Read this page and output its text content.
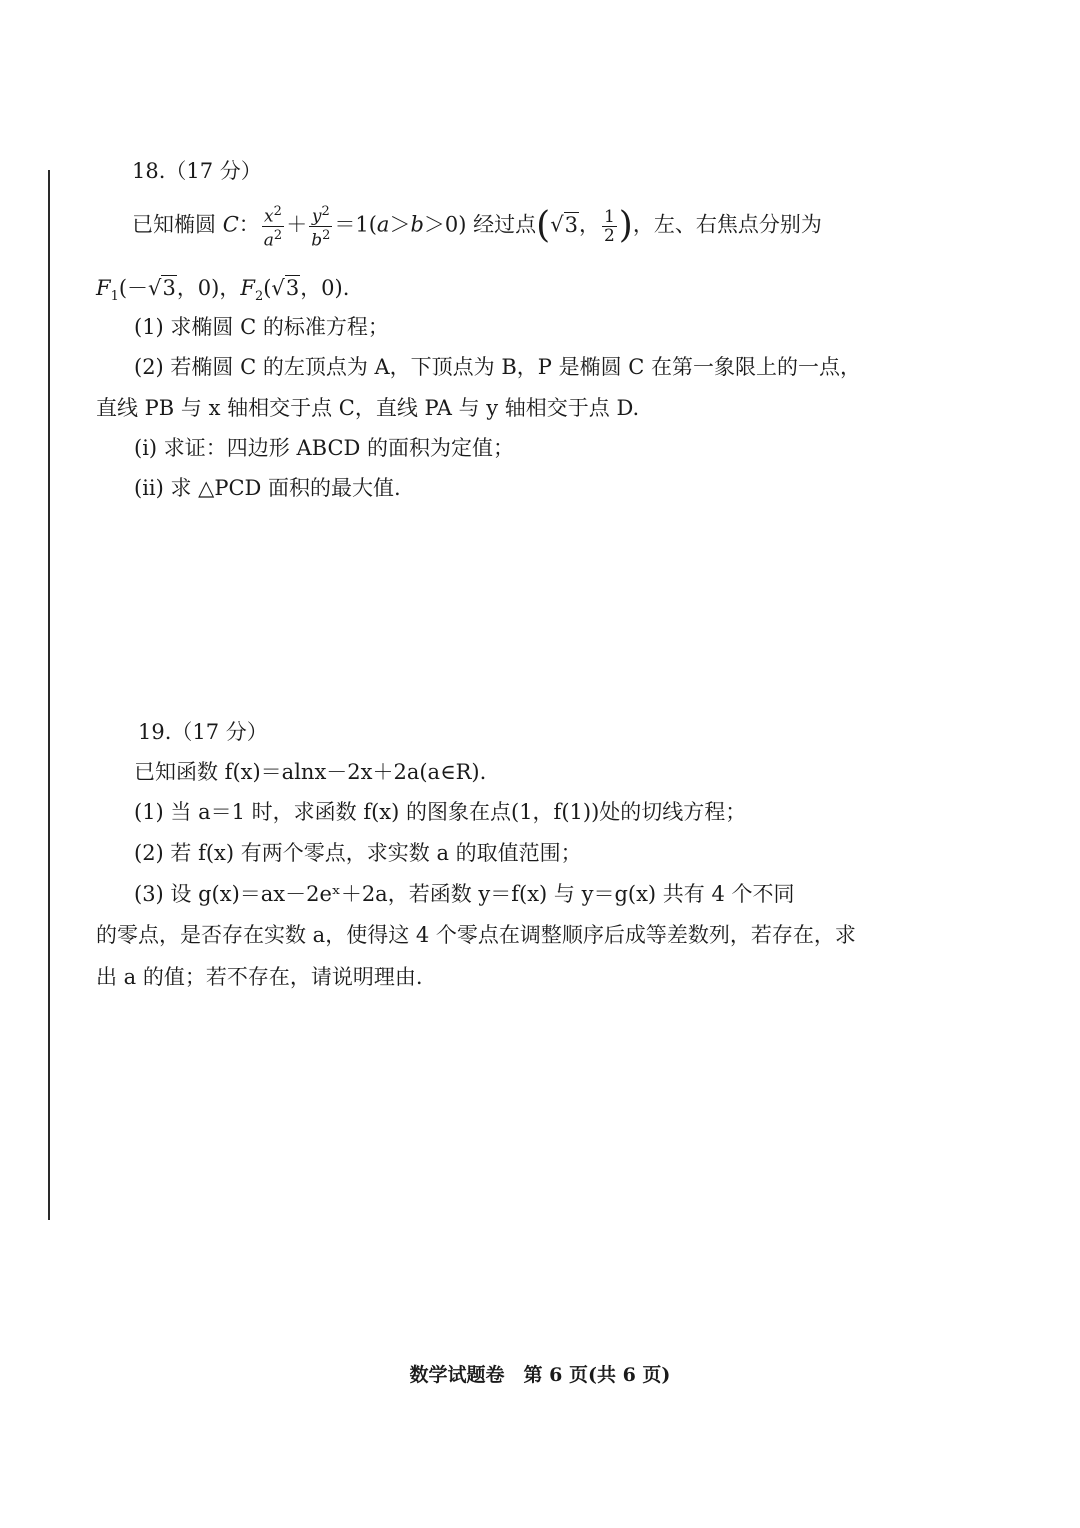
18.（17 分）
已知椭圆 C： $\frac{x^2}{a^2} + \frac{y^2}{b^2} =1(a>b>0)$ 经过点(√3， $\frac{1}{2}$ )，左、右焦点分别为
$F_1(-√3$，0)，$F_2(√3$，0).
(1) 求椭圆 C 的标准方程；
(2) 若椭圆 C 的左顶点为 A，下顶点为 B，P 是椭圆 C 在第一象限上的一点，
直线 PB 与 x 轴相交于点 C，直线 PA 与 y 轴相交于点 D.
(i) 求证：四边形 ABCD 的面积为定值；
(ii) 求 △PCD 面积的最大值.
19.（17 分）
已知函数 f(x)＝alnx－2x＋2a(a∈R).
(1) 当 a＝1 时，求函数 f(x) 的图象在点(1，f(1))处的切线方程；
(2) 若 f(x) 有两个零点，求实数 a 的取值范围；
(3) 设 g(x)＝ax－2eˣ＋2a，若函数 y＝f(x) 与 y＝g(x) 共有 4 个不同
的零点，是否存在实数 a，使得这 4 个零点在调整顺序后成等差数列，若存在，求
出 a 的值；若不存在，请说明理由.
数学试题卷　第 6 页(共 6 页)
